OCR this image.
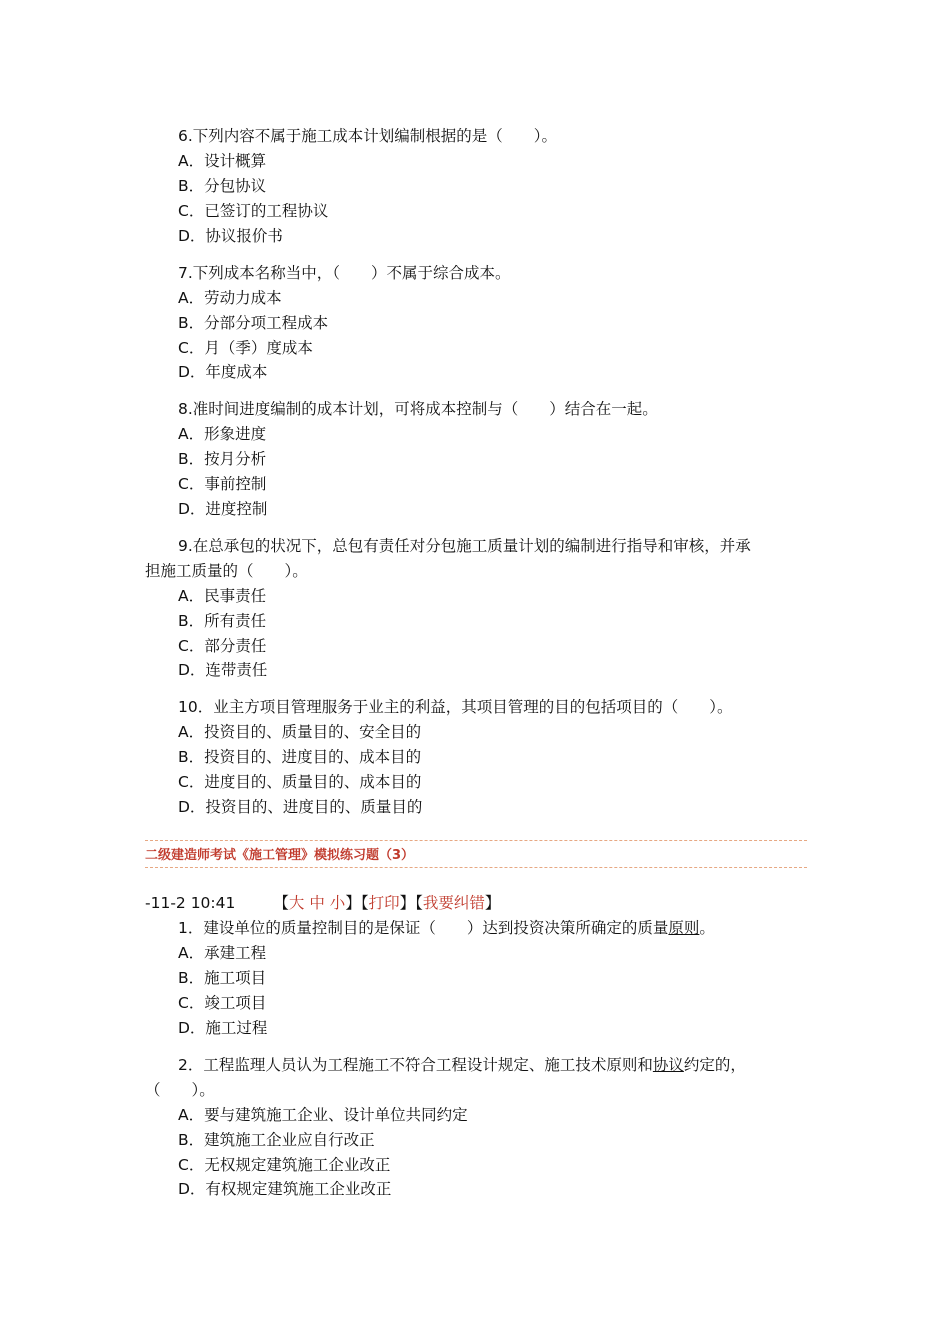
6.下列内容不属于施工成本计划编制根据的是（　　）。
A．设计概算
B．分包协议
C．已签订的工程协议
D．协议报价书
7.下列成本名称当中，（　　）不属于综合成本。
A．劳动力成本
B．分部分项工程成本
C．月（季）度成本
D．年度成本
8.准时间进度编制的成本计划，可将成本控制与（　　）结合在一起。
A．形象进度
B．按月分析
C．事前控制
D．进度控制
9.在总承包的状况下，总包有责任对分包施工质量计划的编制进行指导和审核，并承
担施工质量的（　　）。
A．民事责任
B．所有责任
C．部分责任
D．连带责任
10．业主方项目管理服务于业主的利益，其项目管理的目的包括项目的（　　）。
A．投资目的、质量目的、安全目的
B．投资目的、进度目的、成本目的
C．进度目的、质量目的、成本目的
D．投资目的、进度目的、质量目的
二级建造师考试《施工管理》模拟练习题（3）
-11-2 10:41 【大 中 小】【打印】【我要纠错】
1．建设单位的质量控制目的是保证（　　）达到投资决策所确定的质量原则。
A．承建工程
B．施工项目
C．竣工项目
D．施工过程
2．工程监理人员认为工程施工不符合工程设计规定、施工技术原则和协议约定的，
（　　）。
A．要与建筑施工企业、设计单位共同约定
B．建筑施工企业应自行改正
C．无权规定建筑施工企业改正
D．有权规定建筑施工企业改正
